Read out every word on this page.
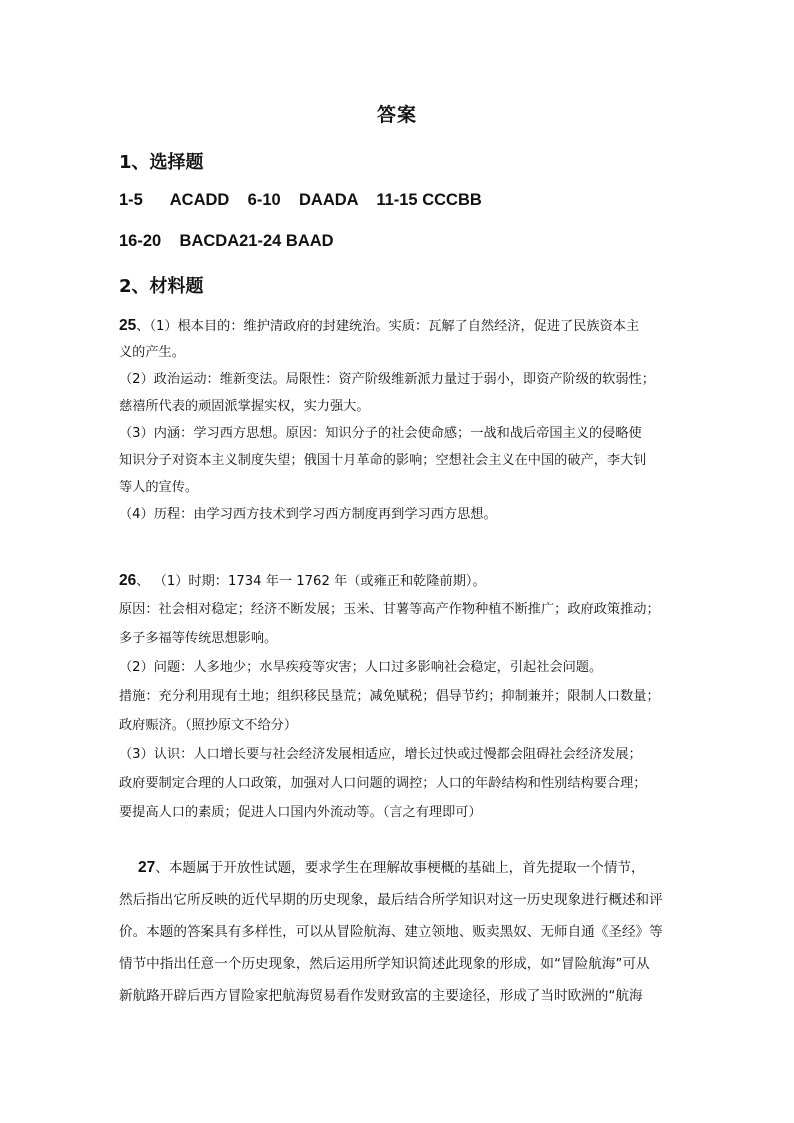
答案
1、选择题
1-5      ACADD    6-10    DAADA    11-15 CCCBB
16-20    BACDA21-24 BAAD
2、材料题
25、（1）根本目的：维护清政府的封建统治。实质：瓦解了自然经济，促进了民族资本主
义的产生。
（2）政治运动：维新变法。局限性：资产阶级维新派力量过于弱小，即资产阶级的软弱性；
慈禧所代表的顽固派掌握实权，实力强大。
（3）内涵：学习西方思想。原因：知识分子的社会使命感；一战和战后帝国主义的侵略使
知识分子对资本主义制度失望；俄国十月革命的影响；空想社会主义在中国的破产，李大钊
等人的宣传。
（4）历程：由学习西方技术到学习西方制度再到学习西方思想。
26、 （1）时期：1734 年一 1762 年（或雍正和乾隆前期）。
原因：社会相对稳定；经济不断发展；玉米、甘薯等高产作物种植不断推广；政府政策推动；
多子多福等传统思想影响。
（2）问题：人多地少；水旱疾疫等灾害；人口过多影响社会稳定，引起社会问题。
措施：充分利用现有土地；组织移民垦荒；减免赋税；倡导节约；抑制兼并；限制人口数量；
政府赈济。（照抄原文不给分）
（3）认识：人口增长要与社会经济发展相适应，增长过快或过慢都会阻碍社会经济发展；
政府要制定合理的人口政策，加强对人口问题的调控；人口的年龄结构和性别结构要合理；
要提高人口的素质；促进人口国内外流动等。（言之有理即可）
27、本题属于开放性试题，要求学生在理解故事梗概的基础上，首先提取一个情节，
然后指出它所反映的近代早期的历史现象，最后结合所学知识对这一历史现象进行概述和评
价。本题的答案具有多样性，可以从冒险航海、建立领地、贩卖黑奴、无师自通《圣经》等
情节中指出任意一个历史现象，然后运用所学知识简述此现象的形成，如“冒险航海”可从
新航路开辟后西方冒险家把航海贸易看作发财致富的主要途径，形成了当时欧洲的“航海
